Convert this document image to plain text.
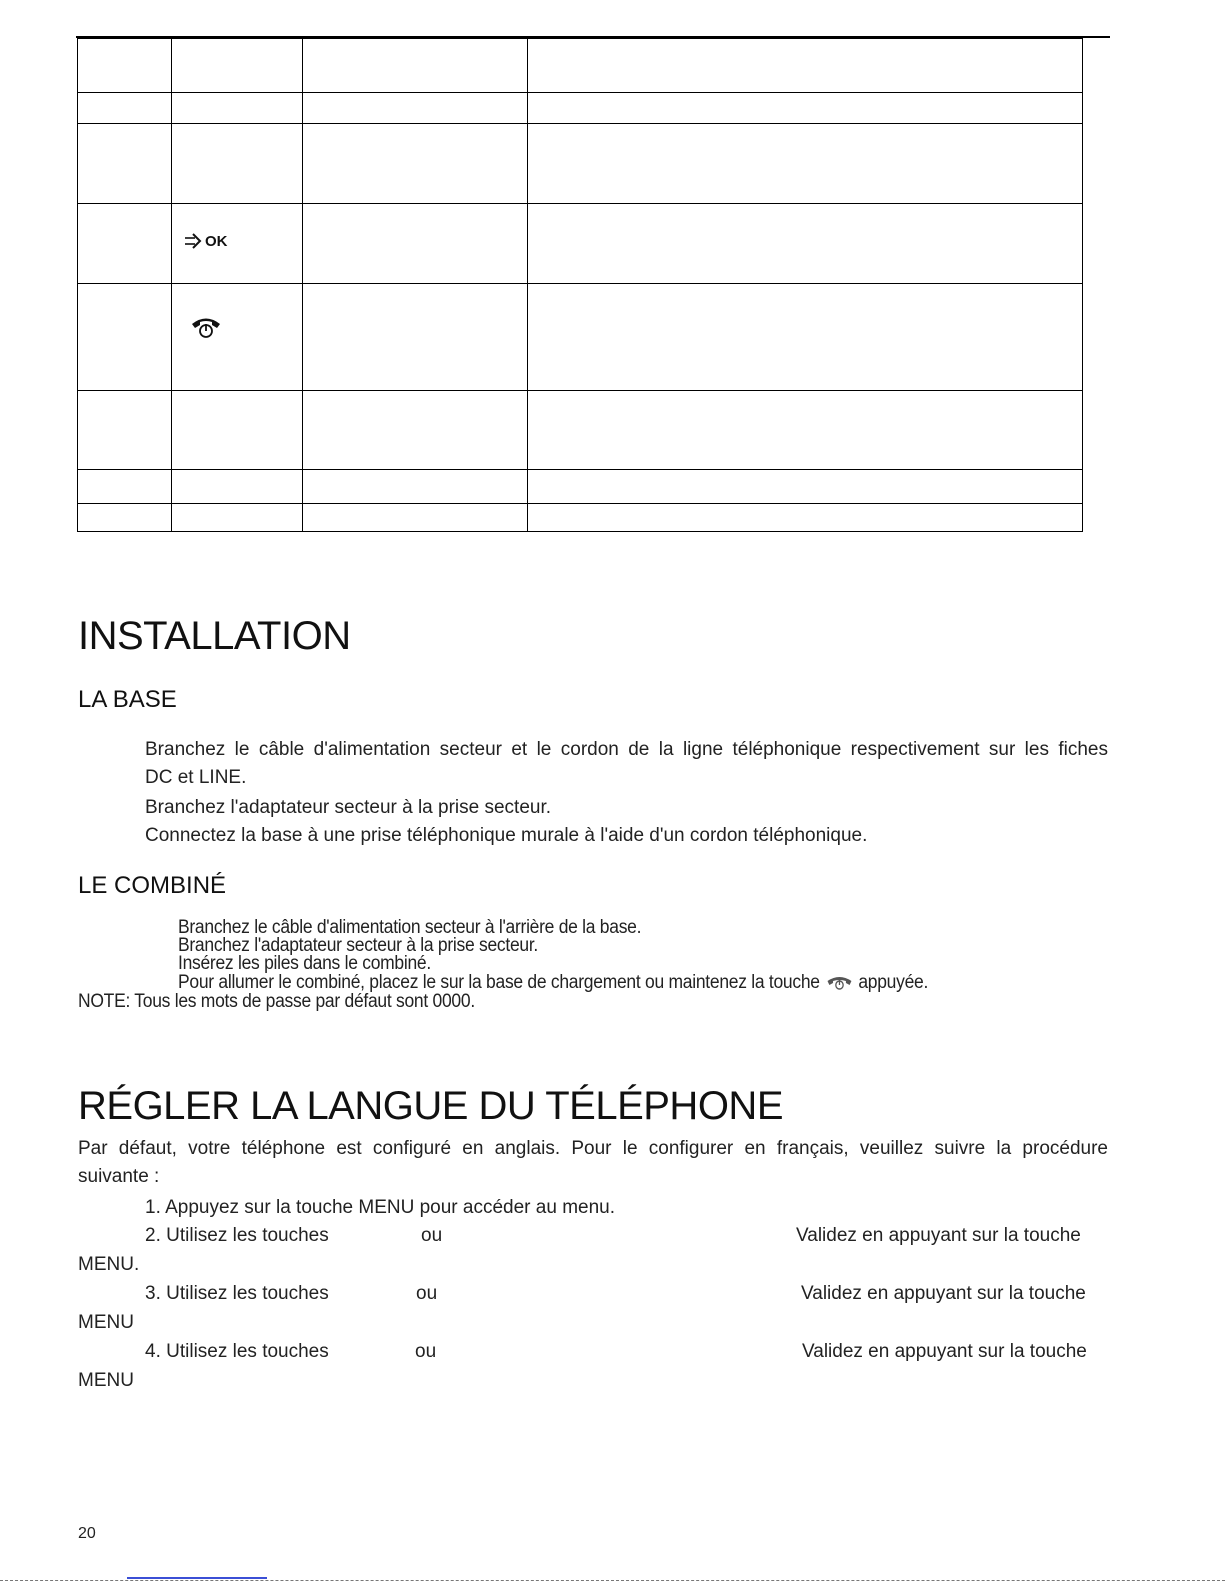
OK		

INSTALLATION
LA BASE
Branchez le câble d'alimentation secteur et le cordon de la ligne téléphonique respectivement sur les fiches
DC et LINE.
Branchez l'adaptateur secteur à la prise secteur.
Connectez la base à une prise téléphonique murale à l'aide d'un cordon téléphonique.
LE COMBINÉ
Branchez le câble d'alimentation secteur à l'arrière de la base.
Branchez l'adaptateur secteur à la prise secteur.
Insérez les piles dans le combiné.
Pour allumer le combiné, placez le sur la base de chargement ou maintenez la touche appuyée.
NOTE: Tous les mots de passe par défaut sont 0000.
RÉGLER LA LANGUE DU TÉLÉPHONE
Par défaut, votre téléphone est configuré en anglais. Pour le configurer en français, veuillez suivre la procédure
suivante :
1. Appuyez sur la touche MENU pour accéder au menu.
2. Utilisez les touches	ou	Validez en appuyant sur la touche
MENU.
3. Utilisez les touches	ou	Validez en appuyant sur la touche
MENU
4. Utilisez les touches	ou	Validez en appuyant sur la touche
MENU
20
